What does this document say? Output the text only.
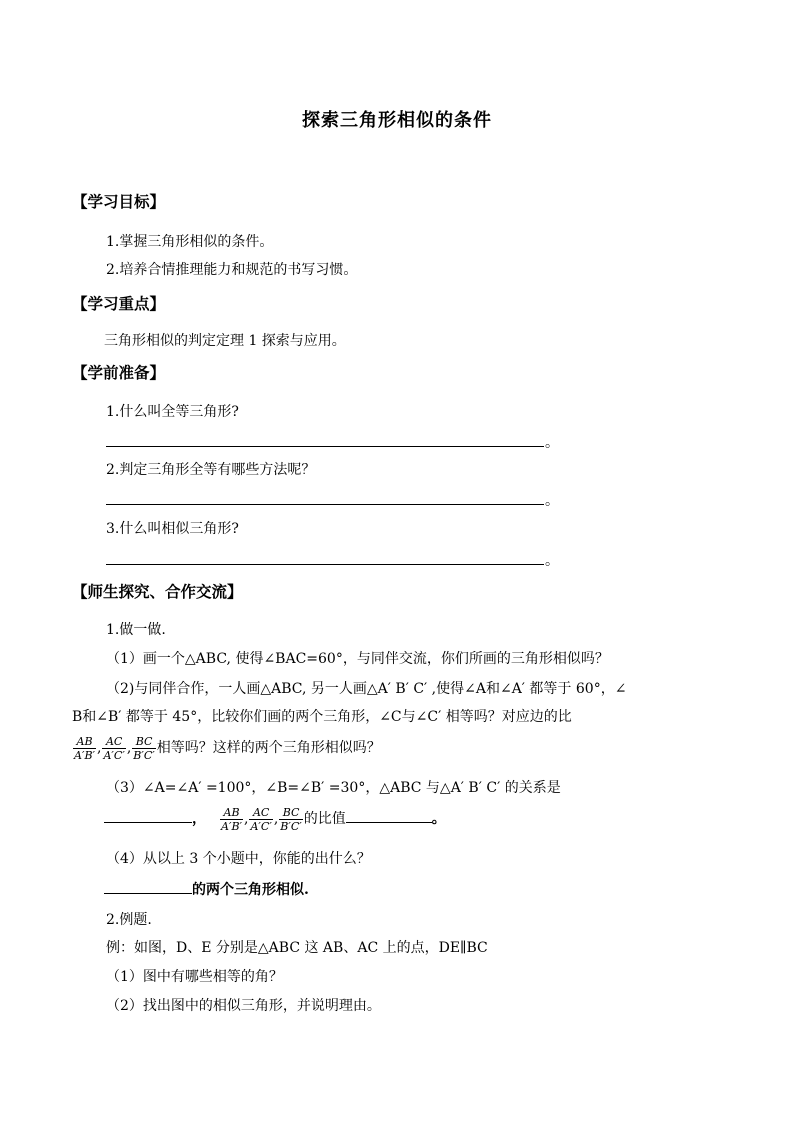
探索三角形相似的条件
【学习目标】
1.掌握三角形相似的条件。
2.培养合情推理能力和规范的书写习惯。
【学习重点】
三角形相似的判定定理 1 探索与应用。
【学前准备】
1.什么叫全等三角形?
。
2.判定三角形全等有哪些方法呢？
。
3.什么叫相似三角形?
。
【师生探究、合作交流】
1.做一做.
（1）画一个△ABC, 使得∠BAC=60°，与同伴交流，你们所画的三角形相似吗？
（2)与同伴合作，一人画△ABC, 另一人画△A′ B′ C′ ,使得∠A和∠A′ 都等于 60°，∠
B和∠B′ 都等于 45°，比较你们画的两个三角形，∠C与∠C′ 相等吗？对应边的比
$\frac{AB}{A'B'}$ , $\frac{AC}{A'C'}$ , $\frac{BC}{B'C'}$ 相等吗？这样的两个三角形相似吗？
（3）∠A=∠A′ =100°，∠B=∠B′ =30°，△ABC 与△A′ B′ C′ 的关系是
， $\frac{AB}{A'B'}$ , $\frac{AC}{A'C'}$ , $\frac{BC}{B'C'}$ 的比值	。
（4）从以上 3 个小题中，你能的出什么？
的两个三角形相似.
2.例题.
例：如图，D、E 分别是△ABC 这 AB、AC 上的点，DE∥BC
（1）图中有哪些相等的角？
（2）找出图中的相似三角形，并说明理由。
